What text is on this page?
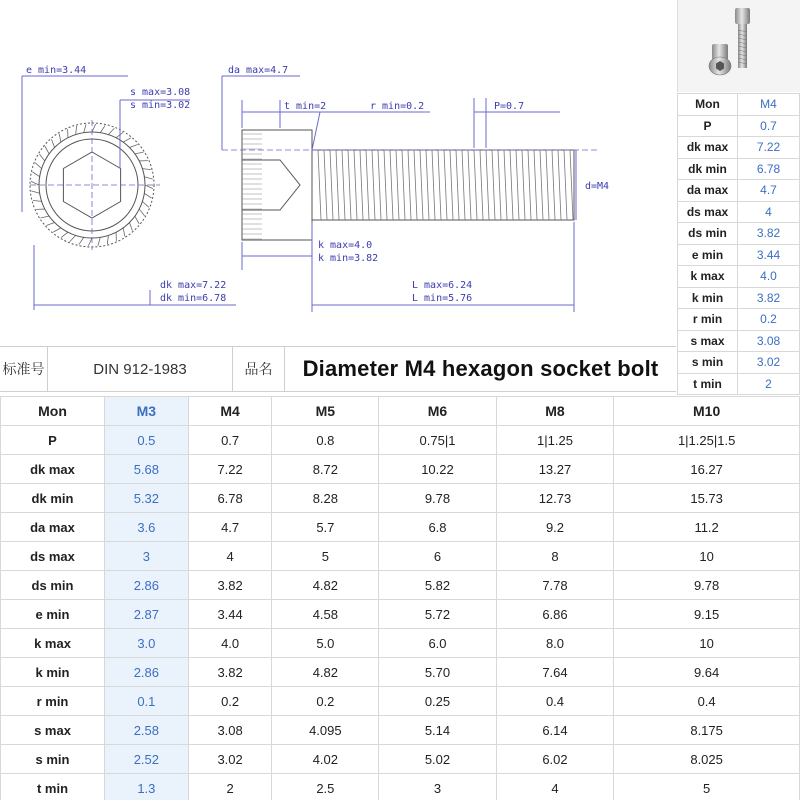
e min=3.44
s max=3.08
s min=3.02
dk max=7.22
dk min=6.78
da max=4.7
t min=2	r min=0.2	P=0.7
d=M4
k max=4.0
k min=3.82
L max=6.24
L min=5.76
Mon	M4
P	0.7
dk max	7.22
dk min	6.78
da max	4.7
ds max	4
ds min	3.82
e min	3.44
k max	4.0
k min	3.82
r min	0.2
s max	3.08
s min	3.02
t min	2
标准号	DIN 912-1983	品名	Diameter M4 hexagon socket bolt
Mon	M3	M4	M5	M6	M8	M10
P	0.5	0.7	0.8	0.75|1	1|1.25	1|1.25|1.5
dk max	5.68	7.22	8.72	10.22	13.27	16.27
dk min	5.32	6.78	8.28	9.78	12.73	15.73
da max	3.6	4.7	5.7	6.8	9.2	11.2
ds max	3	4	5	6	8	10
ds min	2.86	3.82	4.82	5.82	7.78	9.78
e min	2.87	3.44	4.58	5.72	6.86	9.15
k max	3.0	4.0	5.0	6.0	8.0	10
k min	2.86	3.82	4.82	5.70	7.64	9.64
r min	0.1	0.2	0.2	0.25	0.4	0.4
s max	2.58	3.08	4.095	5.14	6.14	8.175
s min	2.52	3.02	4.02	5.02	6.02	8.025
t min	1.3	2	2.5	3	4	5
